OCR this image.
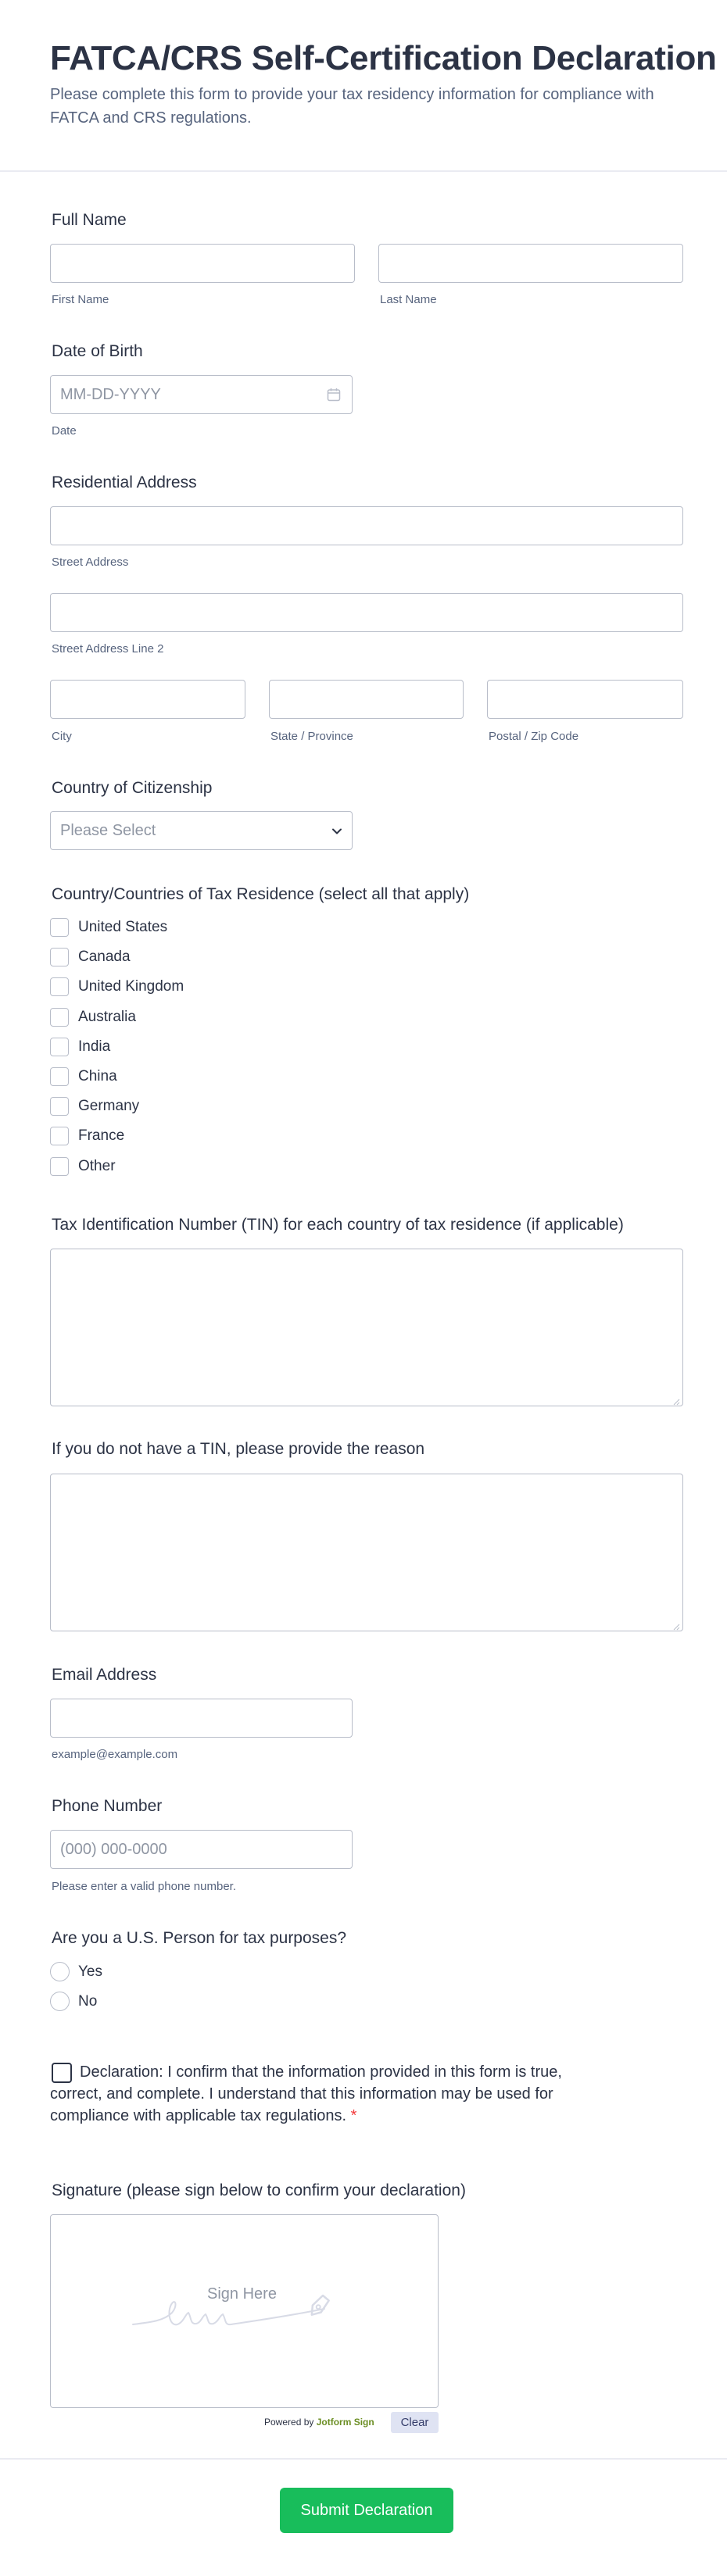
FATCA/CRS Self-Certification Declaration
Please complete this form to provide your tax residency information for compliance with FATCA and CRS regulations.
Full Name
First Name	Last Name
Date of Birth
MM-DD-YYYY
Date
Residential Address
Street Address
Street Address Line 2
City	State / Province	Postal / Zip Code
Country of Citizenship
Please Select
Country/Countries of Tax Residence (select all that apply)
United States
Canada
United Kingdom
Australia
India
China
Germany
France
Other
Tax Identification Number (TIN) for each country of tax residence (if applicable)
If you do not have a TIN, please provide the reason
Email Address
example@example.com
Phone Number
(000) 000-0000
Please enter a valid phone number.
Are you a U.S. Person for tax purposes?
Yes
No
Declaration: I confirm that the information provided in this form is true, correct, and complete. I understand that this information may be used for compliance with applicable tax regulations. *
Signature (please sign below to confirm your declaration)
Sign Here
Powered by Jotform Sign	Clear
Submit Declaration
